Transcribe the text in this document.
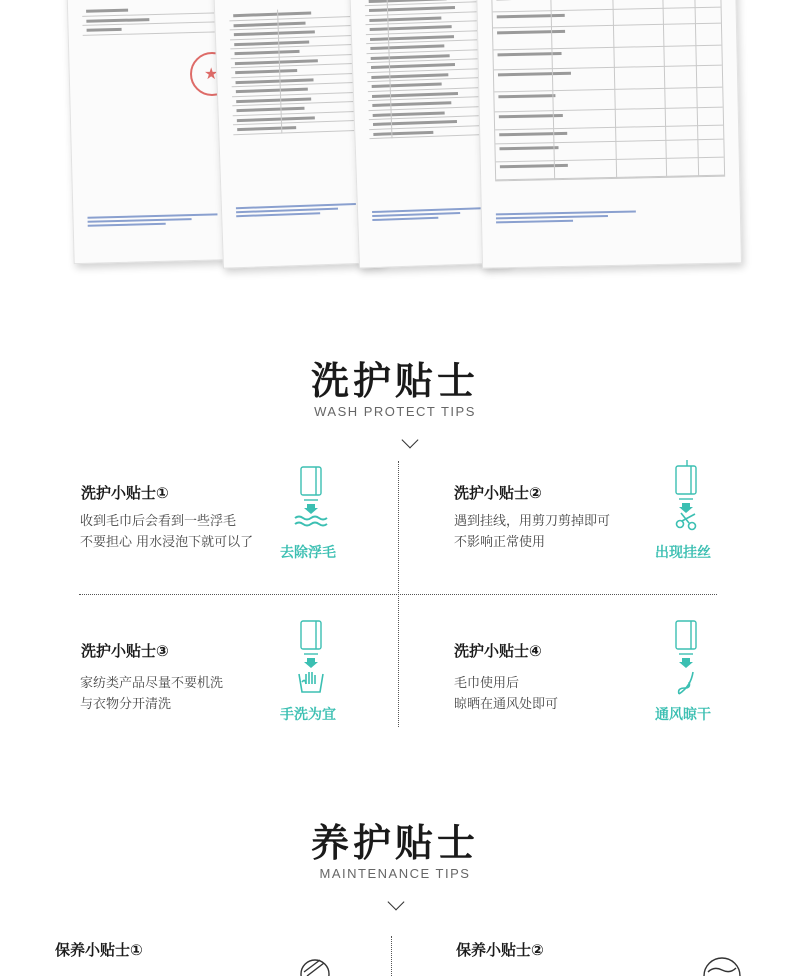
★
洗护贴士
WASH PROTECT TIPS
洗护小贴士①
收到毛巾后会看到一些浮毛
不要担心 用水浸泡下就可以了
去除浮毛
洗护小贴士②
遇到挂线，用剪刀剪掉即可
不影响正常使用
出现挂丝
洗护小贴士③
家纺类产品尽量不要机洗
与衣物分开清洗
手洗为宜
洗护小贴士④
毛巾使用后
晾晒在通风处即可
通风晾干
养护贴士
MAINTENANCE TIPS
保养小贴士①	保养小贴士②
